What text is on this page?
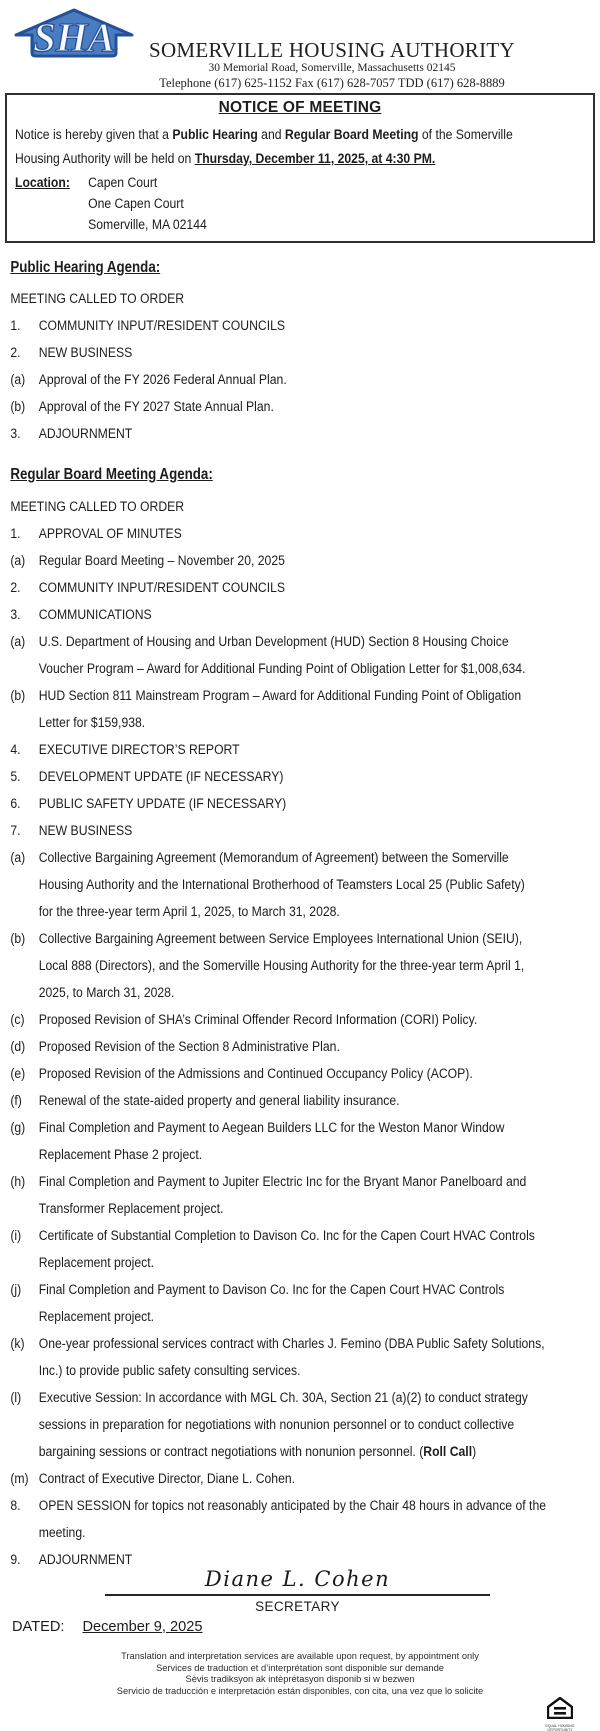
SHA	SOMERVILLE HOUSING AUTHORITY
30 Memorial Road, Somerville, Massachusetts 02145
Telephone (617) 625-1152 Fax (617) 628-7057 TDD (617) 628-8889
NOTICE OF MEETING
Notice is hereby given that a Public Hearing and Regular Board Meeting of the Somerville
Housing Authority will be held on Thursday, December 11, 2025, at 4:30 PM.
Location:	Capen Court
One Capen Court
Somerville, MA 02144
Public Hearing Agenda:
MEETING CALLED TO ORDER
1. COMMUNITY INPUT/RESIDENT COUNCILS
2. NEW BUSINESS
(a) Approval of the FY 2026 Federal Annual Plan.
(b) Approval of the FY 2027 State Annual Plan.
3. ADJOURNMENT
Regular Board Meeting Agenda:
MEETING CALLED TO ORDER
1. APPROVAL OF MINUTES
(a) Regular Board Meeting – November 20, 2025
2. COMMUNITY INPUT/RESIDENT COUNCILS
3. COMMUNICATIONS
(a) U.S. Department of Housing and Urban Development (HUD) Section 8 Housing Choice
Voucher Program – Award for Additional Funding Point of Obligation Letter for $1,008,634.
(b) HUD Section 811 Mainstream Program – Award for Additional Funding Point of Obligation
Letter for $159,938.
4. EXECUTIVE DIRECTOR’S REPORT
5. DEVELOPMENT UPDATE (IF NECESSARY)
6. PUBLIC SAFETY UPDATE (IF NECESSARY)
7. NEW BUSINESS
(a) Collective Bargaining Agreement (Memorandum of Agreement) between the Somerville
Housing Authority and the International Brotherhood of Teamsters Local 25 (Public Safety)
for the three-year term April 1, 2025, to March 31, 2028.
(b) Collective Bargaining Agreement between Service Employees International Union (SEIU),
Local 888 (Directors), and the Somerville Housing Authority for the three-year term April 1,
2025, to March 31, 2028.
(c) Proposed Revision of SHA’s Criminal Offender Record Information (CORI) Policy.
(d) Proposed Revision of the Section 8 Administrative Plan.
(e) Proposed Revision of the Admissions and Continued Occupancy Policy (ACOP).
(f) Renewal of the state-aided property and general liability insurance.
(g) Final Completion and Payment to Aegean Builders LLC for the Weston Manor Window
Replacement Phase 2 project.
(h) Final Completion and Payment to Jupiter Electric Inc for the Bryant Manor Panelboard and
Transformer Replacement project.
(i) Certificate of Substantial Completion to Davison Co. Inc for the Capen Court HVAC Controls
Replacement project.
(j) Final Completion and Payment to Davison Co. Inc for the Capen Court HVAC Controls
Replacement project.
(k) One-year professional services contract with Charles J. Femino (DBA Public Safety Solutions,
Inc.) to provide public safety consulting services.
(l) Executive Session: In accordance with MGL Ch. 30A, Section 21 (a)(2) to conduct strategy
sessions in preparation for negotiations with nonunion personnel or to conduct collective
bargaining sessions or contract negotiations with nonunion personnel. (Roll Call)
(m) Contract of Executive Director, Diane L. Cohen.
8. OPEN SESSION for topics not reasonably anticipated by the Chair 48 hours in advance of the
meeting.
9. ADJOURNMENT
Diane L. Cohen
SECRETARY
DATED: December 9, 2025
Translation and interpretation services are available upon request, by appointment only
Services de traduction et d’interprétation sont disponible sur demande
Sèvis tradiksyon ak intèprétasyon disponib si w bezwen
Servicio de traducción e interpretación están disponibles, con cita, una vez que lo solicite
EQUAL HOUSING
OPPORTUNITY
